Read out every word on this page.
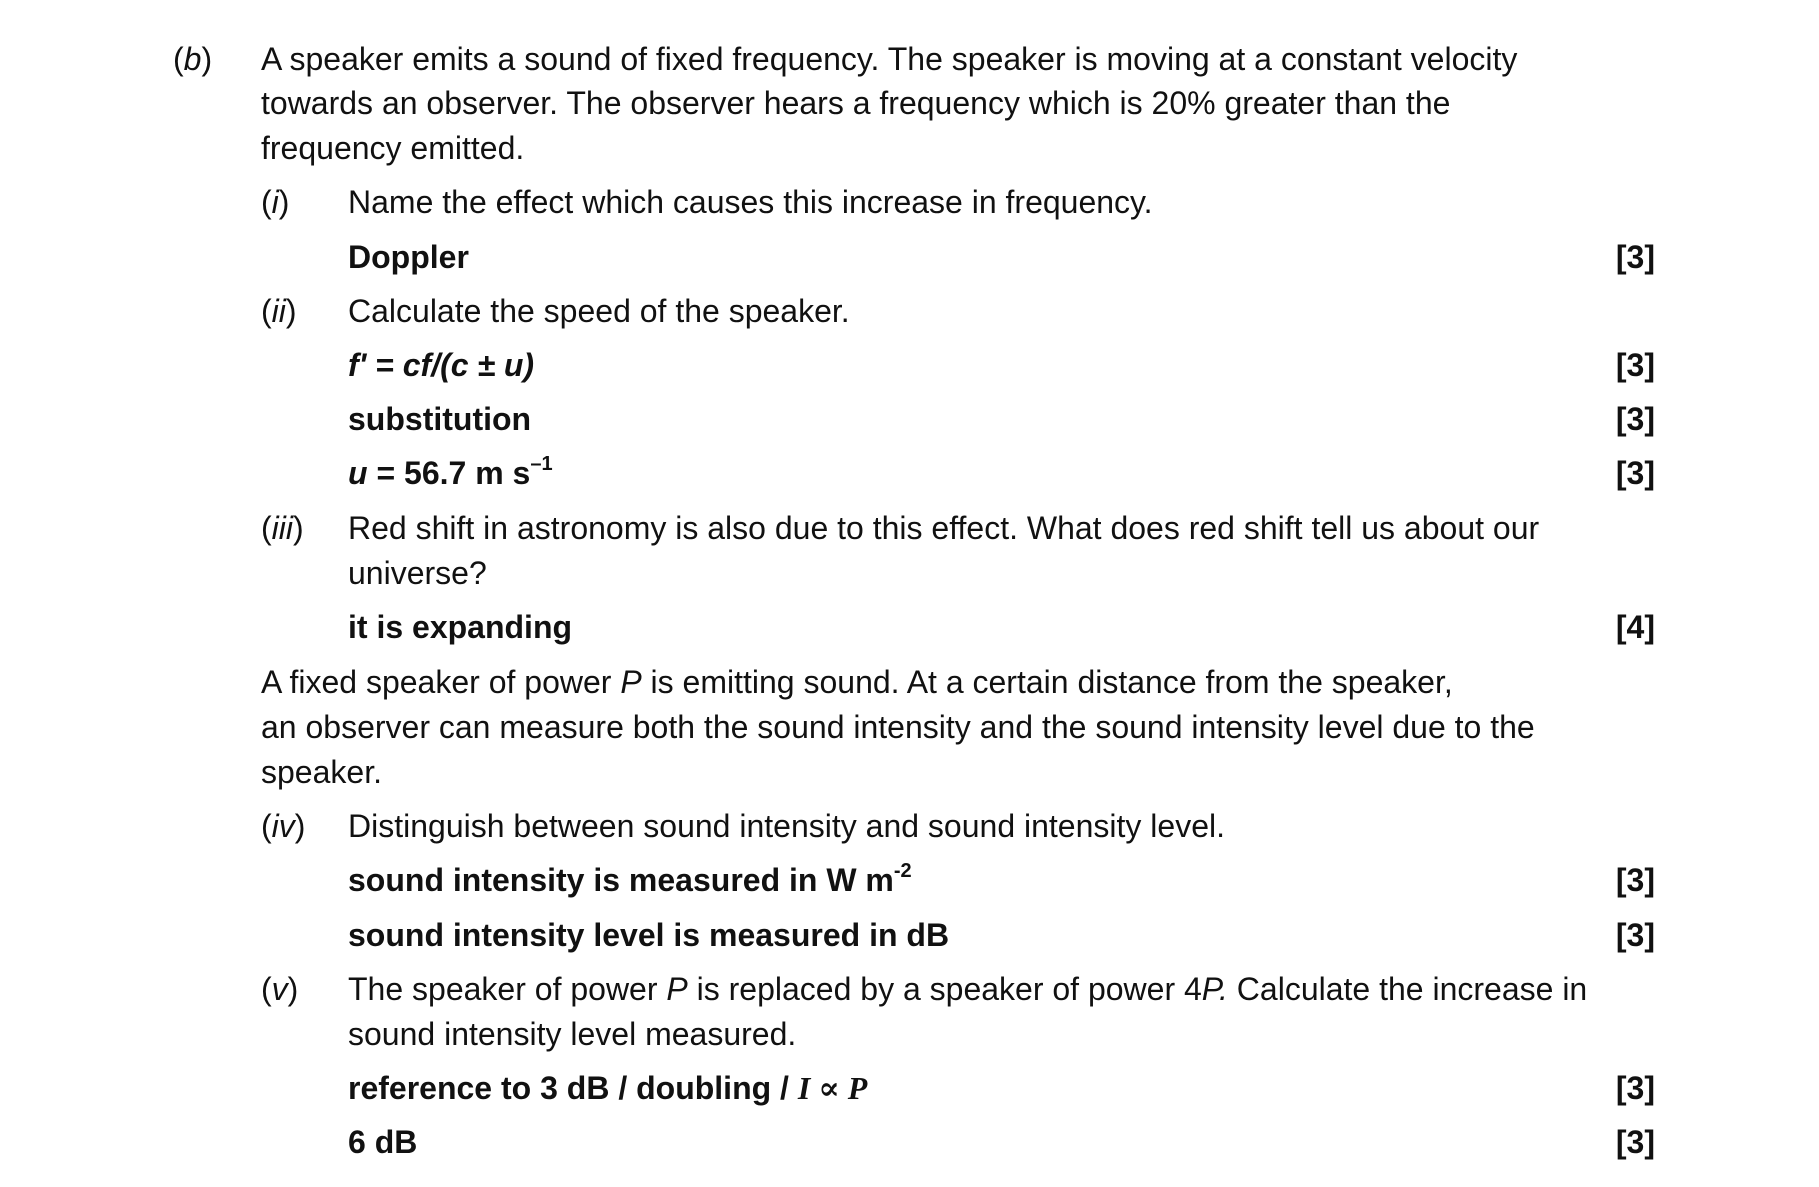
(b) A speaker emits a sound of fixed frequency. The speaker is moving at a constant velocity
towards an observer. The observer hears a frequency which is 20% greater than the
frequency emitted.
(i) Name the effect which causes this increase in frequency.
Doppler	[3]
(ii) Calculate the speed of the speaker.
f' = cf/(c ± u)	[3]
substitution	[3]
u = 56.7 m $s^{-1}$	[3]
(iii) Red shift in astronomy is also due to this effect. What does red shift tell us about our
universe?
it is expanding	[4]
A fixed speaker of power P is emitting sound. At a certain distance from the speaker,
an observer can measure both the sound intensity and the sound intensity level due to the
speaker.
(iv) Distinguish between sound intensity and sound intensity level.
sound intensity is measured in W $m^{-2}$	[3]
sound intensity level is measured in dB	[3]
(v) The speaker of power P is replaced by a speaker of power 4P. Calculate the increase in
sound intensity level measured.
reference to 3 dB / doubling / I ∝ P	[3]
6 dB	[3]
